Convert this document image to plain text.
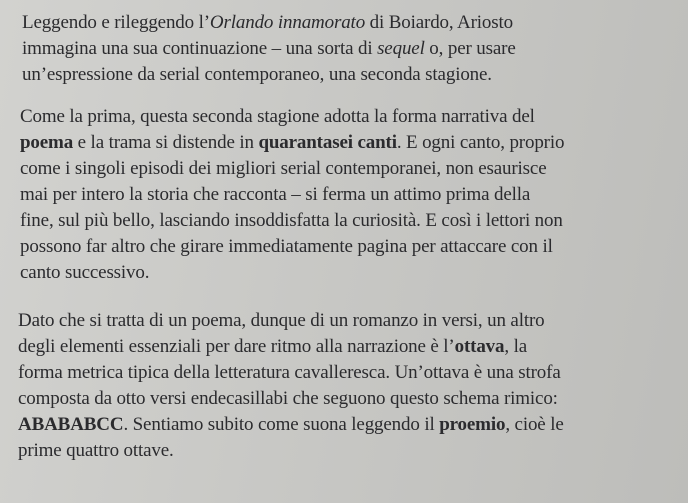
Leggendo e rileggendo l’Orlando innamorato di Boiardo, Ariosto
immagina una sua continuazione – una sorta di sequel o, per usare
un’espressione da serial contemporaneo, una seconda stagione.

Come la prima, questa seconda stagione adotta la forma narrativa del
poema e la trama si distende in quarantasei canti. E ogni canto, proprio
come i singoli episodi dei migliori serial contemporanei, non esaurisce
mai per intero la storia che racconta – si ferma un attimo prima della
fine, sul più bello, lasciando insoddisfatta la curiosità. E così i lettori non
possono far altro che girare immediatamente pagina per attaccare con il
canto successivo.

Dato che si tratta di un poema, dunque di un romanzo in versi, un altro
degli elementi essenziali per dare ritmo alla narrazione è l’ottava, la
forma metrica tipica della letteratura cavalleresca. Un’ottava è una strofa
composta da otto versi endecasillabi che seguono questo schema rimico:
ABABABCC. Sentiamo subito come suona leggendo il proemio, cioè le
prime quattro ottave.
